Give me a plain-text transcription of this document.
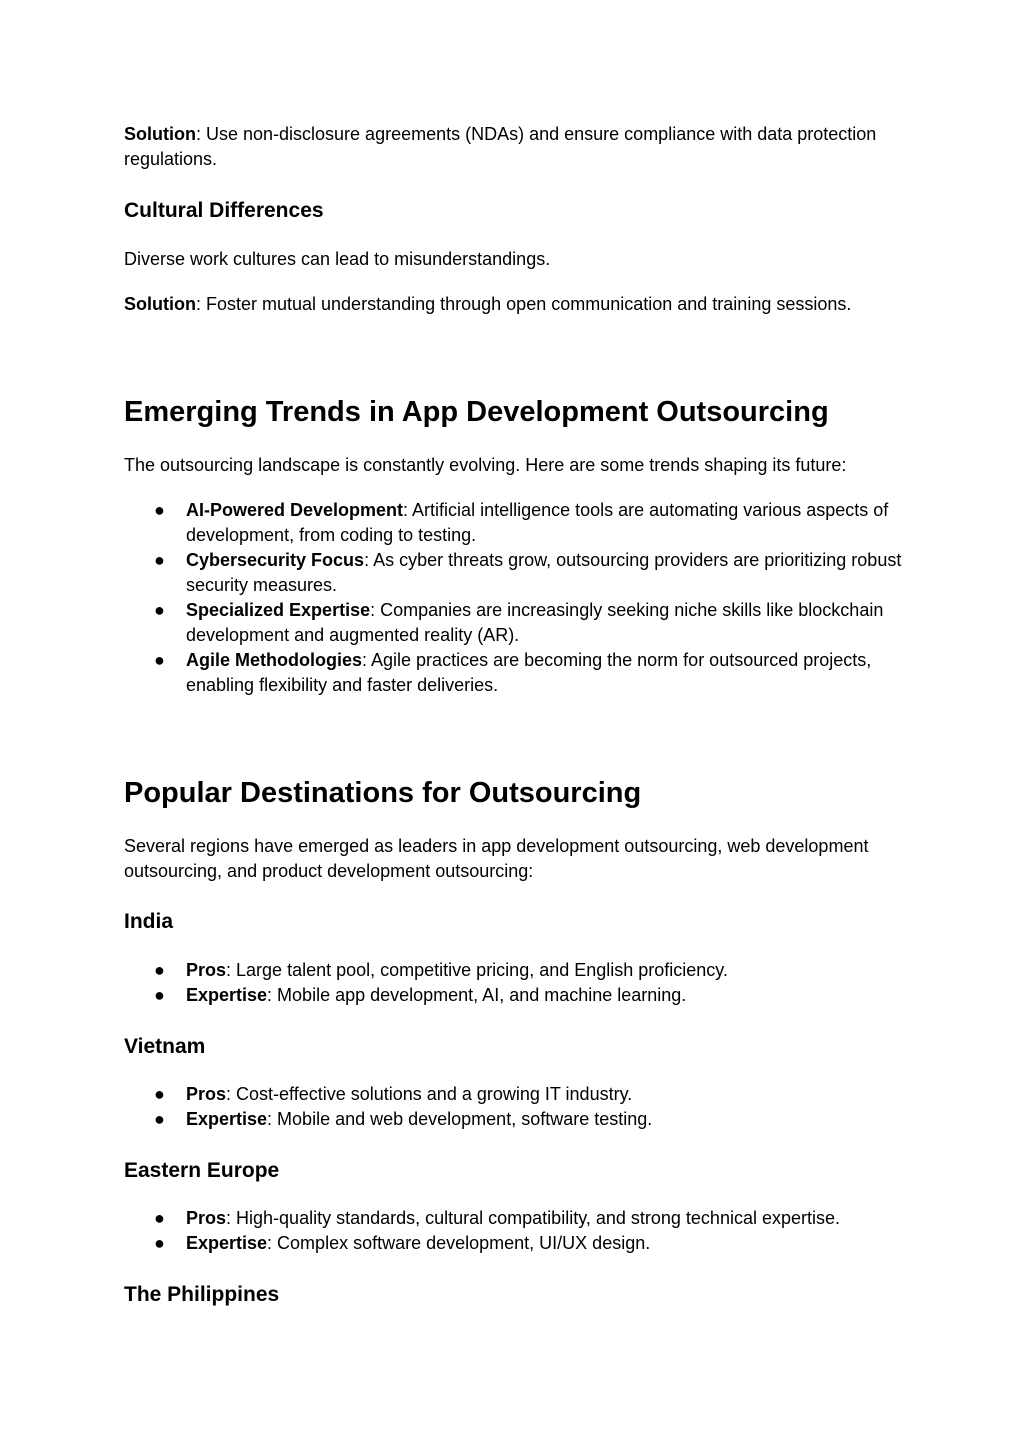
Solution: Use non-disclosure agreements (NDAs) and ensure compliance with data protection regulations.

Cultural Differences

Diverse work cultures can lead to misunderstandings.

Solution: Foster mutual understanding through open communication and training sessions.

Emerging Trends in App Development Outsourcing

The outsourcing landscape is constantly evolving. Here are some trends shaping its future:

● AI-Powered Development: Artificial intelligence tools are automating various aspects of development, from coding to testing.
● Cybersecurity Focus: As cyber threats grow, outsourcing providers are prioritizing robust security measures.
● Specialized Expertise: Companies are increasingly seeking niche skills like blockchain development and augmented reality (AR).
● Agile Methodologies: Agile practices are becoming the norm for outsourced projects, enabling flexibility and faster deliveries.
Popular Destinations for Outsourcing

Several regions have emerged as leaders in app development outsourcing, web development outsourcing, and product development outsourcing:

India
● Pros: Large talent pool, competitive pricing, and English proficiency.
● Expertise: Mobile app development, AI, and machine learning.
Vietnam
● Pros: Cost-effective solutions and a growing IT industry.
● Expertise: Mobile and web development, software testing.
Eastern Europe
● Pros: High-quality standards, cultural compatibility, and strong technical expertise.
● Expertise: Complex software development, UI/UX design.
The Philippines
